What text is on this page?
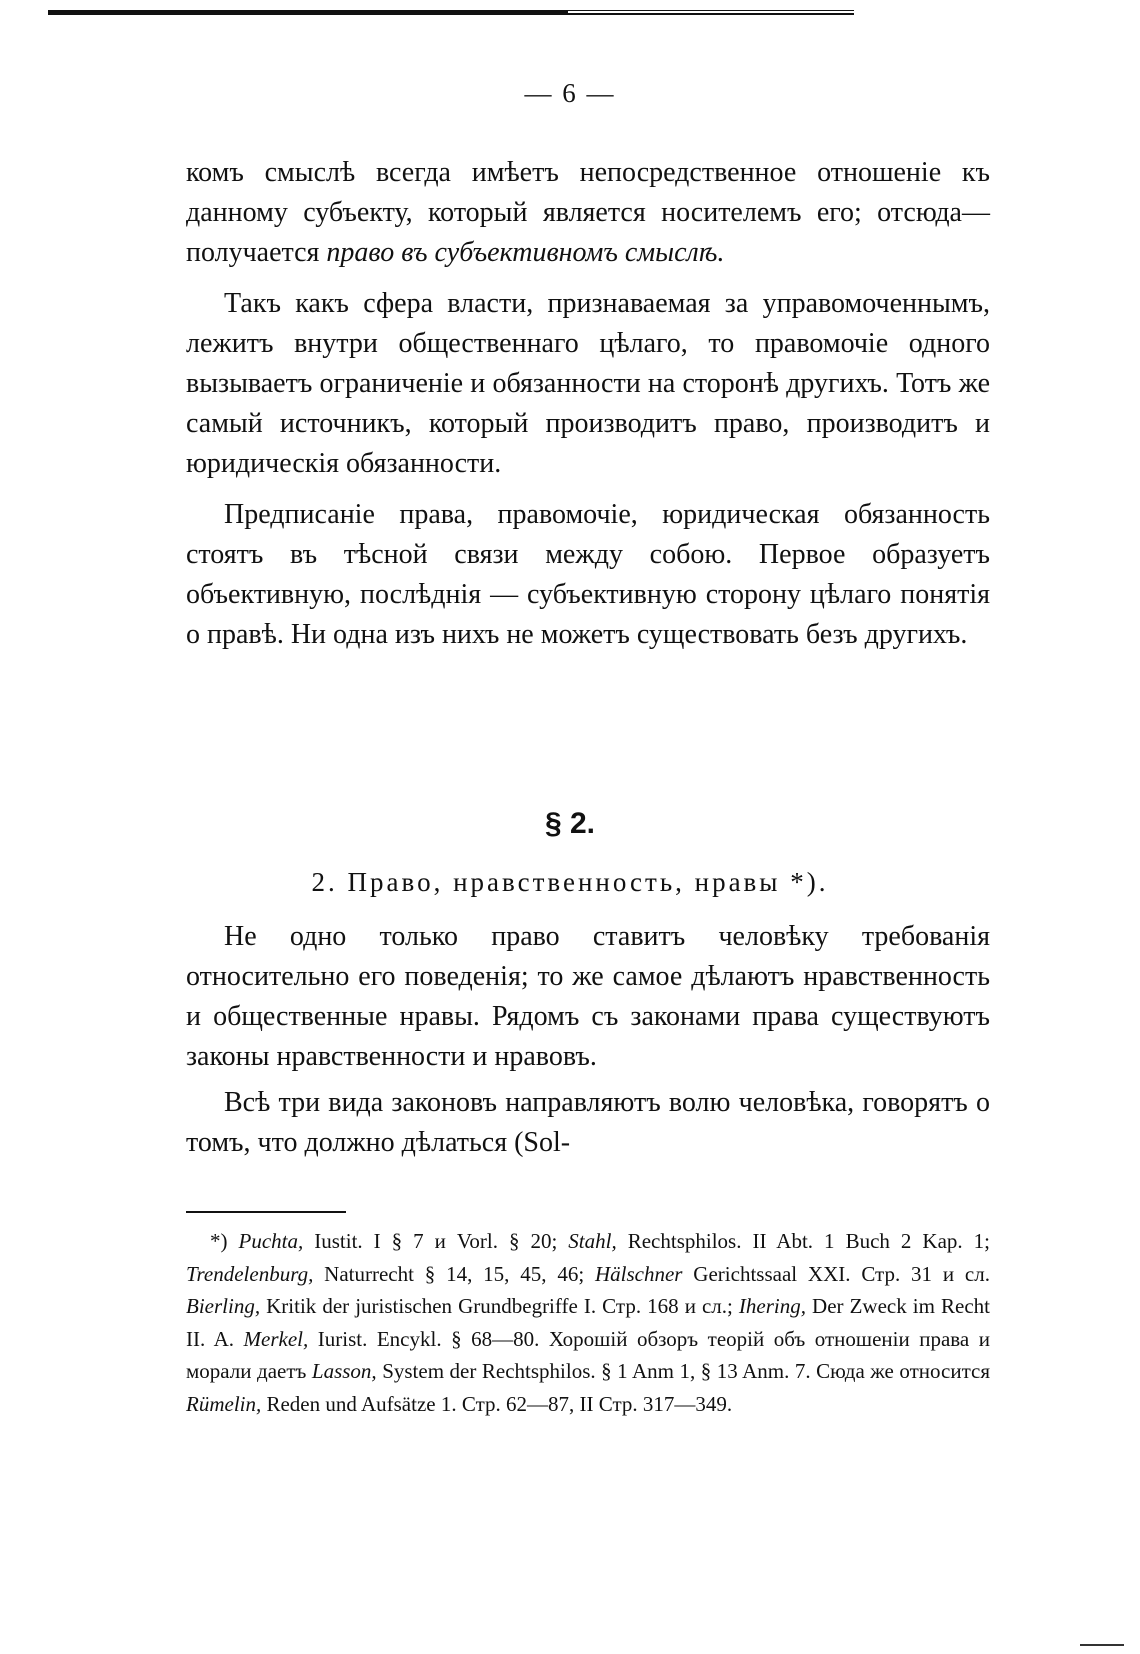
— 6 —

комъ смыслѣ всегда имѣетъ непосредственное отношеніе къ данному субъекту, который является носителемъ его; отсюда—получается право въ субъективномъ смыслѣ.

Такъ какъ сфера власти, признаваемая за управомоченнымъ, лежитъ внутри общественнаго цѣлаго, то правомочіе одного вызываетъ ограниченіе и обязанности на сторонѣ другихъ. Тотъ же самый источникъ, который производитъ право, производитъ и юридическія обязанности.

Предписаніе права, правомочіе, юридическая обязанность стоятъ въ тѣсной связи между собою. Первое образуетъ объективную, послѣднія — субъективную сторону цѣлаго понятія о правѣ. Ни одна изъ нихъ не можетъ существовать безъ другихъ.

§ 2.
2. Право, нравственность, нравы *).

Не одно только право ставитъ человѣку требованія относительно его поведенія; то же самое дѣлаютъ нравственность и общественные нравы. Рядомъ съ законами права существуютъ законы нравственности и нравовъ.

Всѣ три вида законовъ направляютъ волю человѣка, говорятъ о томъ, что должно дѣлаться (Sol-

*) Puchta, Iustit. I § 7 и Vorl. § 20; Stahl, Rechtsphilos. II Abt. 1 Buch 2 Kap. 1; Trendelenburg, Naturrecht § 14, 15, 45, 46; Hälschner Gerichtssaal XXI. Стр. 31 и сл. Bierling, Kritik der juristischen Grundbegriffe I. Стр. 168 и сл.; Ihering, Der Zweck im Recht II. A. Merkel, Iurist. Encykl. § 68—80. Хорошій обзоръ теорій объ отношеніи права и морали даетъ Lasson, System der Rechtsphilos. § 1 Anm 1, § 13 Anm. 7. Сюда же относится Rümelin, Reden und Aufsätze 1. Стр. 62—87, II Стр. 317—349.
